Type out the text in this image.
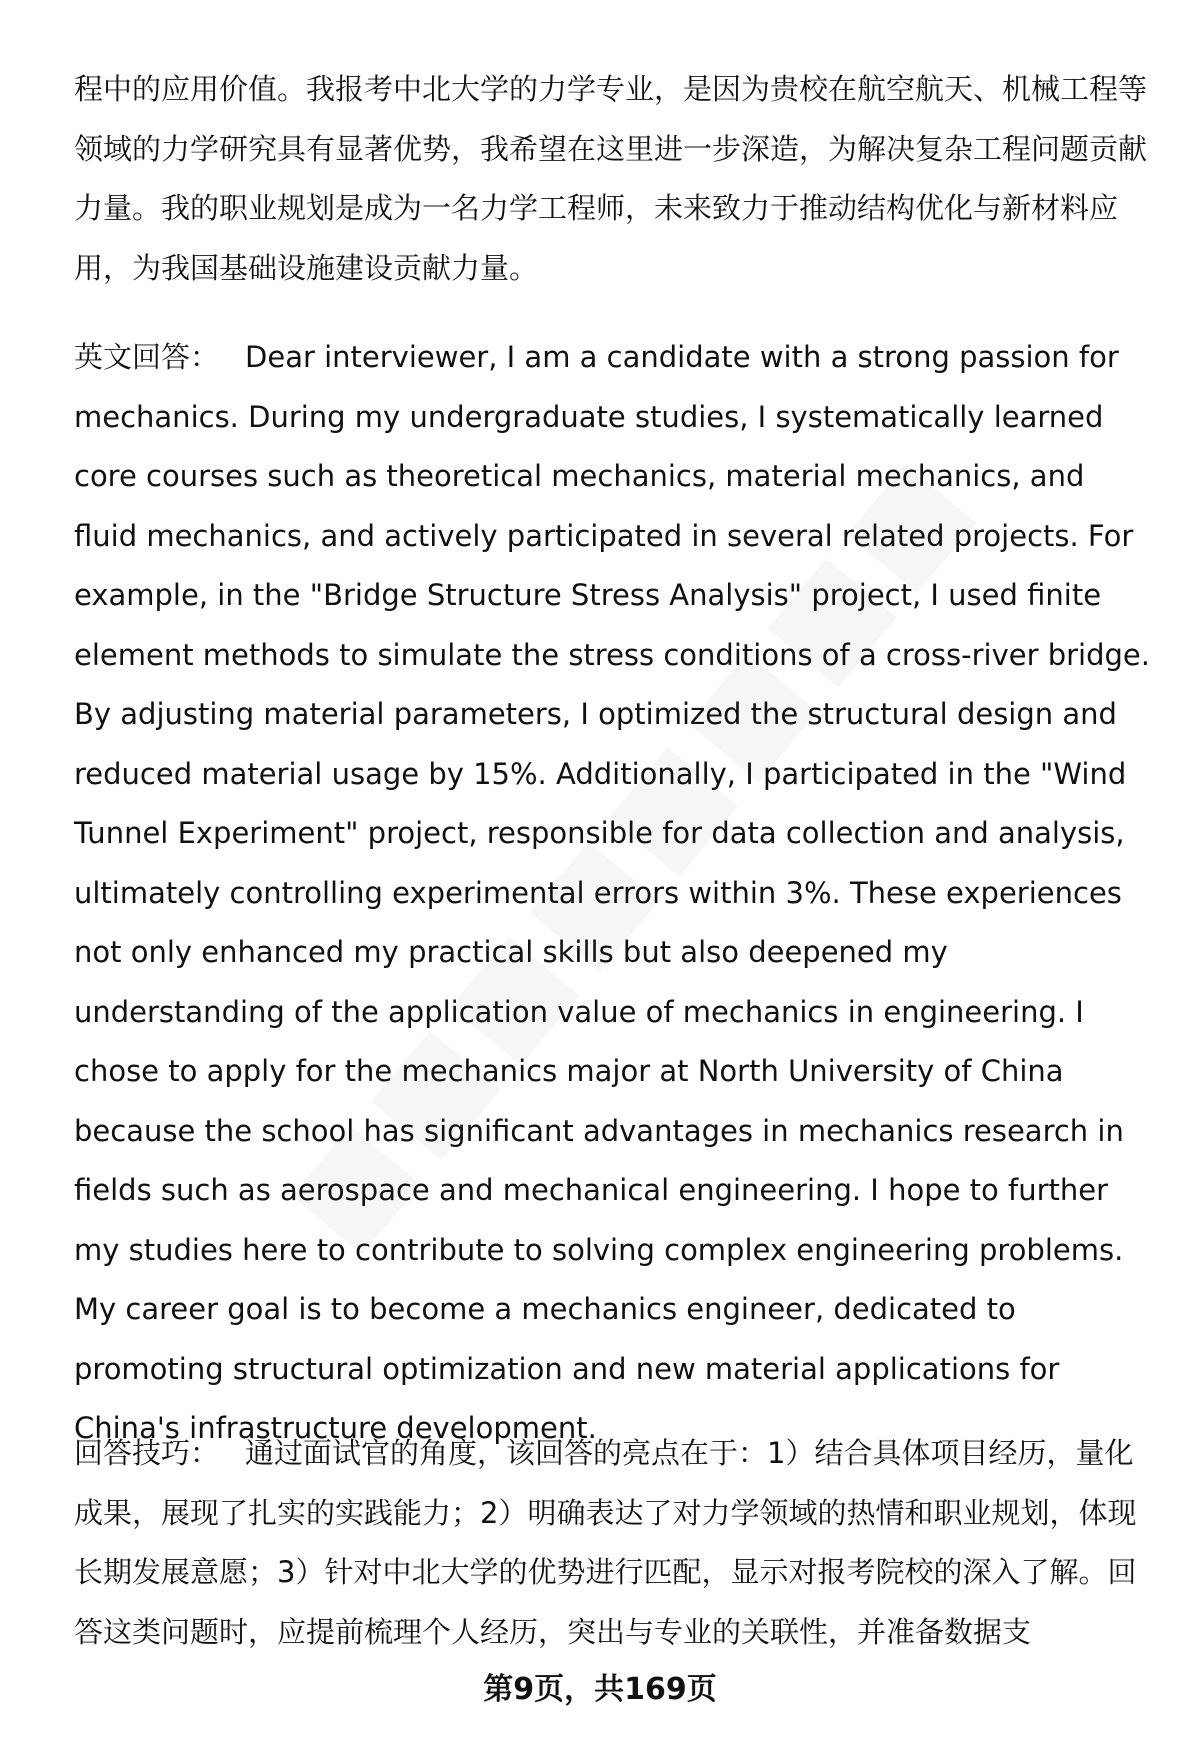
程中的应用价值。我报考中北大学的力学专业，是因为贵校在航空航天、机械工程等领域的力学研究具有显著优势，我希望在这里进一步深造，为解决复杂工程问题贡献力量。我的职业规划是成为一名力学工程师，未来致力于推动结构优化与新材料应用，为我国基础设施建设贡献力量。

英文回答： Dear interviewer, I am a candidate with a strong passion for mechanics. During my undergraduate studies, I systematically learned core courses such as theoretical mechanics, material mechanics, and fluid mechanics, and actively participated in several related projects. For example, in the "Bridge Structure Stress Analysis" project, I used finite element methods to simulate the stress conditions of a cross-river bridge. By adjusting material parameters, I optimized the structural design and reduced material usage by 15%. Additionally, I participated in the "Wind Tunnel Experiment" project, responsible for data collection and analysis, ultimately controlling experimental errors within 3%. These experiences not only enhanced my practical skills but also deepened my understanding of the application value of mechanics in engineering. I chose to apply for the mechanics major at North University of China because the school has significant advantages in mechanics research in fields such as aerospace and mechanical engineering. I hope to further my studies here to contribute to solving complex engineering problems. My career goal is to become a mechanics engineer, dedicated to promoting structural optimization and new material applications for China's infrastructure development.

回答技巧： 通过面试官的角度，该回答的亮点在于：1）结合具体项目经历，量化成果，展现了扎实的实践能力；2）明确表达了对力学领域的热情和职业规划，体现长期发展意愿；3）针对中北大学的优势进行匹配，显示对报考院校的深入了解。回答这类问题时，应提前梳理个人经历，突出与专业的关联性，并准备数据支

第9页，共169页
